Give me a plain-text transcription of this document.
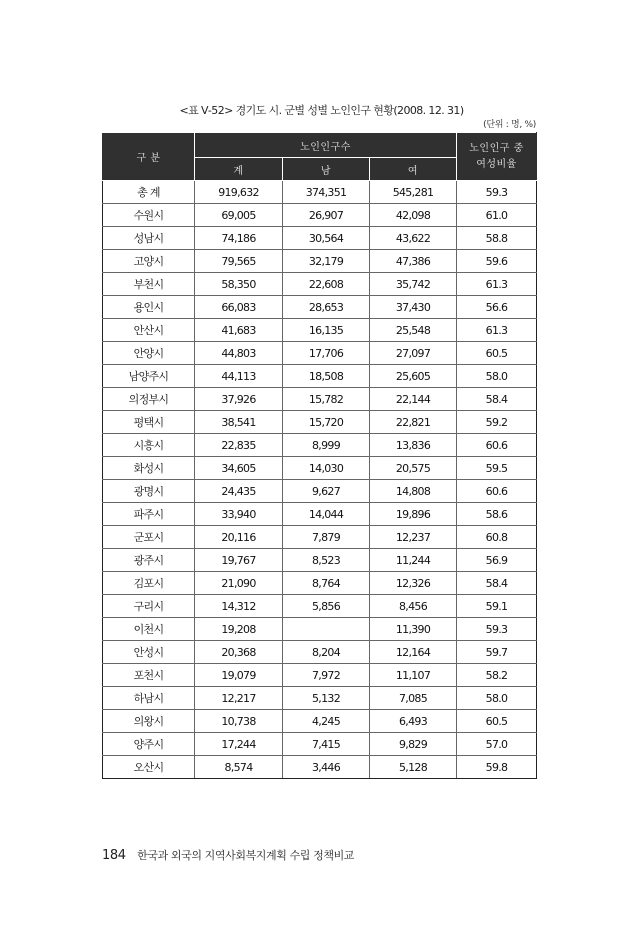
<표 Ⅴ-52> 경기도 시. 군별 성별 노인인구 현황(2008. 12. 31)
(단위 : 명, %)
구 분	노인인구수			노인인구 중
여성비율

	계	남	여	
총 계	919,632	374,351	545,281	59.3
수원시	69,005	26,907	42,098	61.0
성남시	74,186	30,564	43,622	58.8
고양시	79,565	32,179	47,386	59.6
부천시	58,350	22,608	35,742	61.3
용인시	66,083	28,653	37,430	56.6
안산시	41,683	16,135	25,548	61.3
안양시	44,803	17,706	27,097	60.5
남양주시	44,113	18,508	25,605	58.0
의정부시	37,926	15,782	22,144	58.4
평택시	38,541	15,720	22,821	59.2
시흥시	22,835	8,999	13,836	60.6
화성시	34,605	14,030	20,575	59.5
광명시	24,435	9,627	14,808	60.6
파주시	33,940	14,044	19,896	58.6
군포시	20,116	7,879	12,237	60.8
광주시	19,767	8,523	11,244	56.9
김포시	21,090	8,764	12,326	58.4
구리시	14,312	5,856	8,456	59.1
이천시	19,208		11,390	59.3
안성시	20,368	8,204	12,164	59.7
포천시	19,079	7,972	11,107	58.2
하남시	12,217	5,132	7,085	58.0
의왕시	10,738	4,245	6,493	60.5
양주시	17,244	7,415	9,829	57.0
오산시	8,574	3,446	5,128	59.8
184 한국과 외국의 지역사회복지계획 수립 정책비교
